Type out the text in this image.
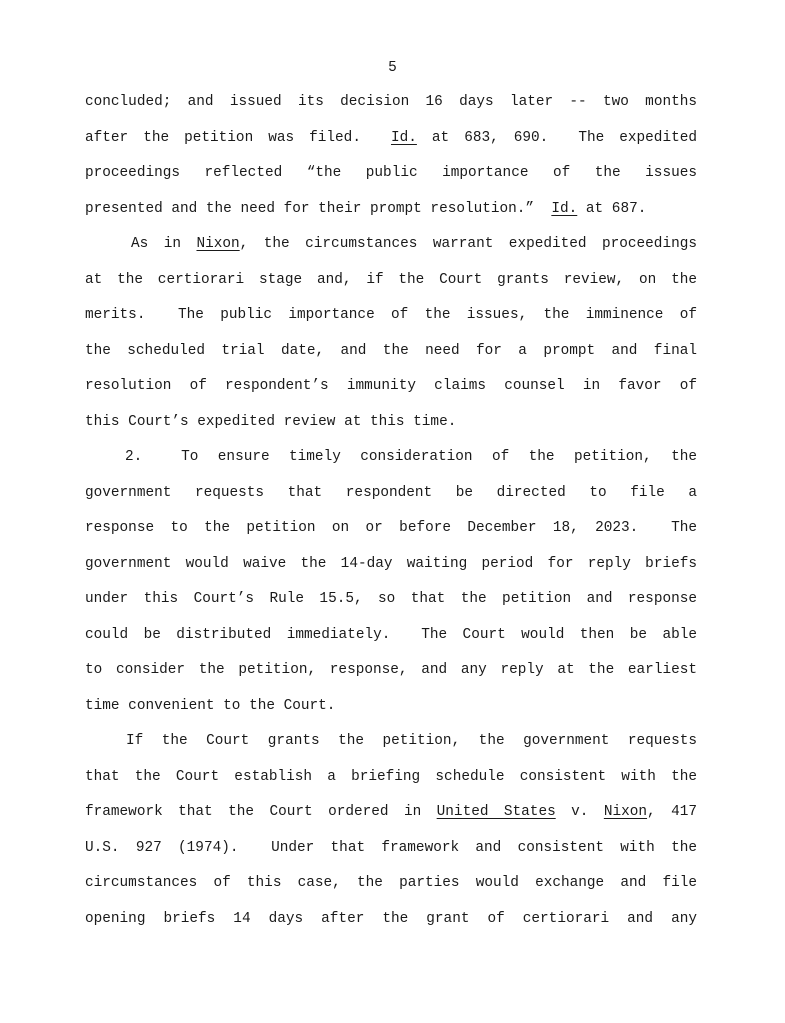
5
concluded; and issued its decision 16 days later -- two months
after the petition was filed.  Id. at 683, 690.  The expedited
proceedings reflected “the public importance of the issues
presented and the need for their prompt resolution.”  Id. at 687.
As in Nixon, the circumstances warrant expedited proceedings
at the certiorari stage and, if the Court grants review, on the
merits.  The public importance of the issues, the imminence of
the scheduled trial date, and the need for a prompt and final
resolution of respondent’s immunity claims counsel in favor of
this Court’s expedited review at this time.
2.  To ensure timely consideration of the petition, the
government requests that respondent be directed to file a
response to the petition on or before December 18, 2023.  The
government would waive the 14-day waiting period for reply briefs
under this Court’s Rule 15.5, so that the petition and response
could be distributed immediately.  The Court would then be able
to consider the petition, response, and any reply at the earliest
time convenient to the Court.
If the Court grants the petition, the government requests
that the Court establish a briefing schedule consistent with the
framework that the Court ordered in United States v. Nixon, 417
U.S. 927 (1974).  Under that framework and consistent with the
circumstances of this case, the parties would exchange and file
opening briefs 14 days after the grant of certiorari and any
